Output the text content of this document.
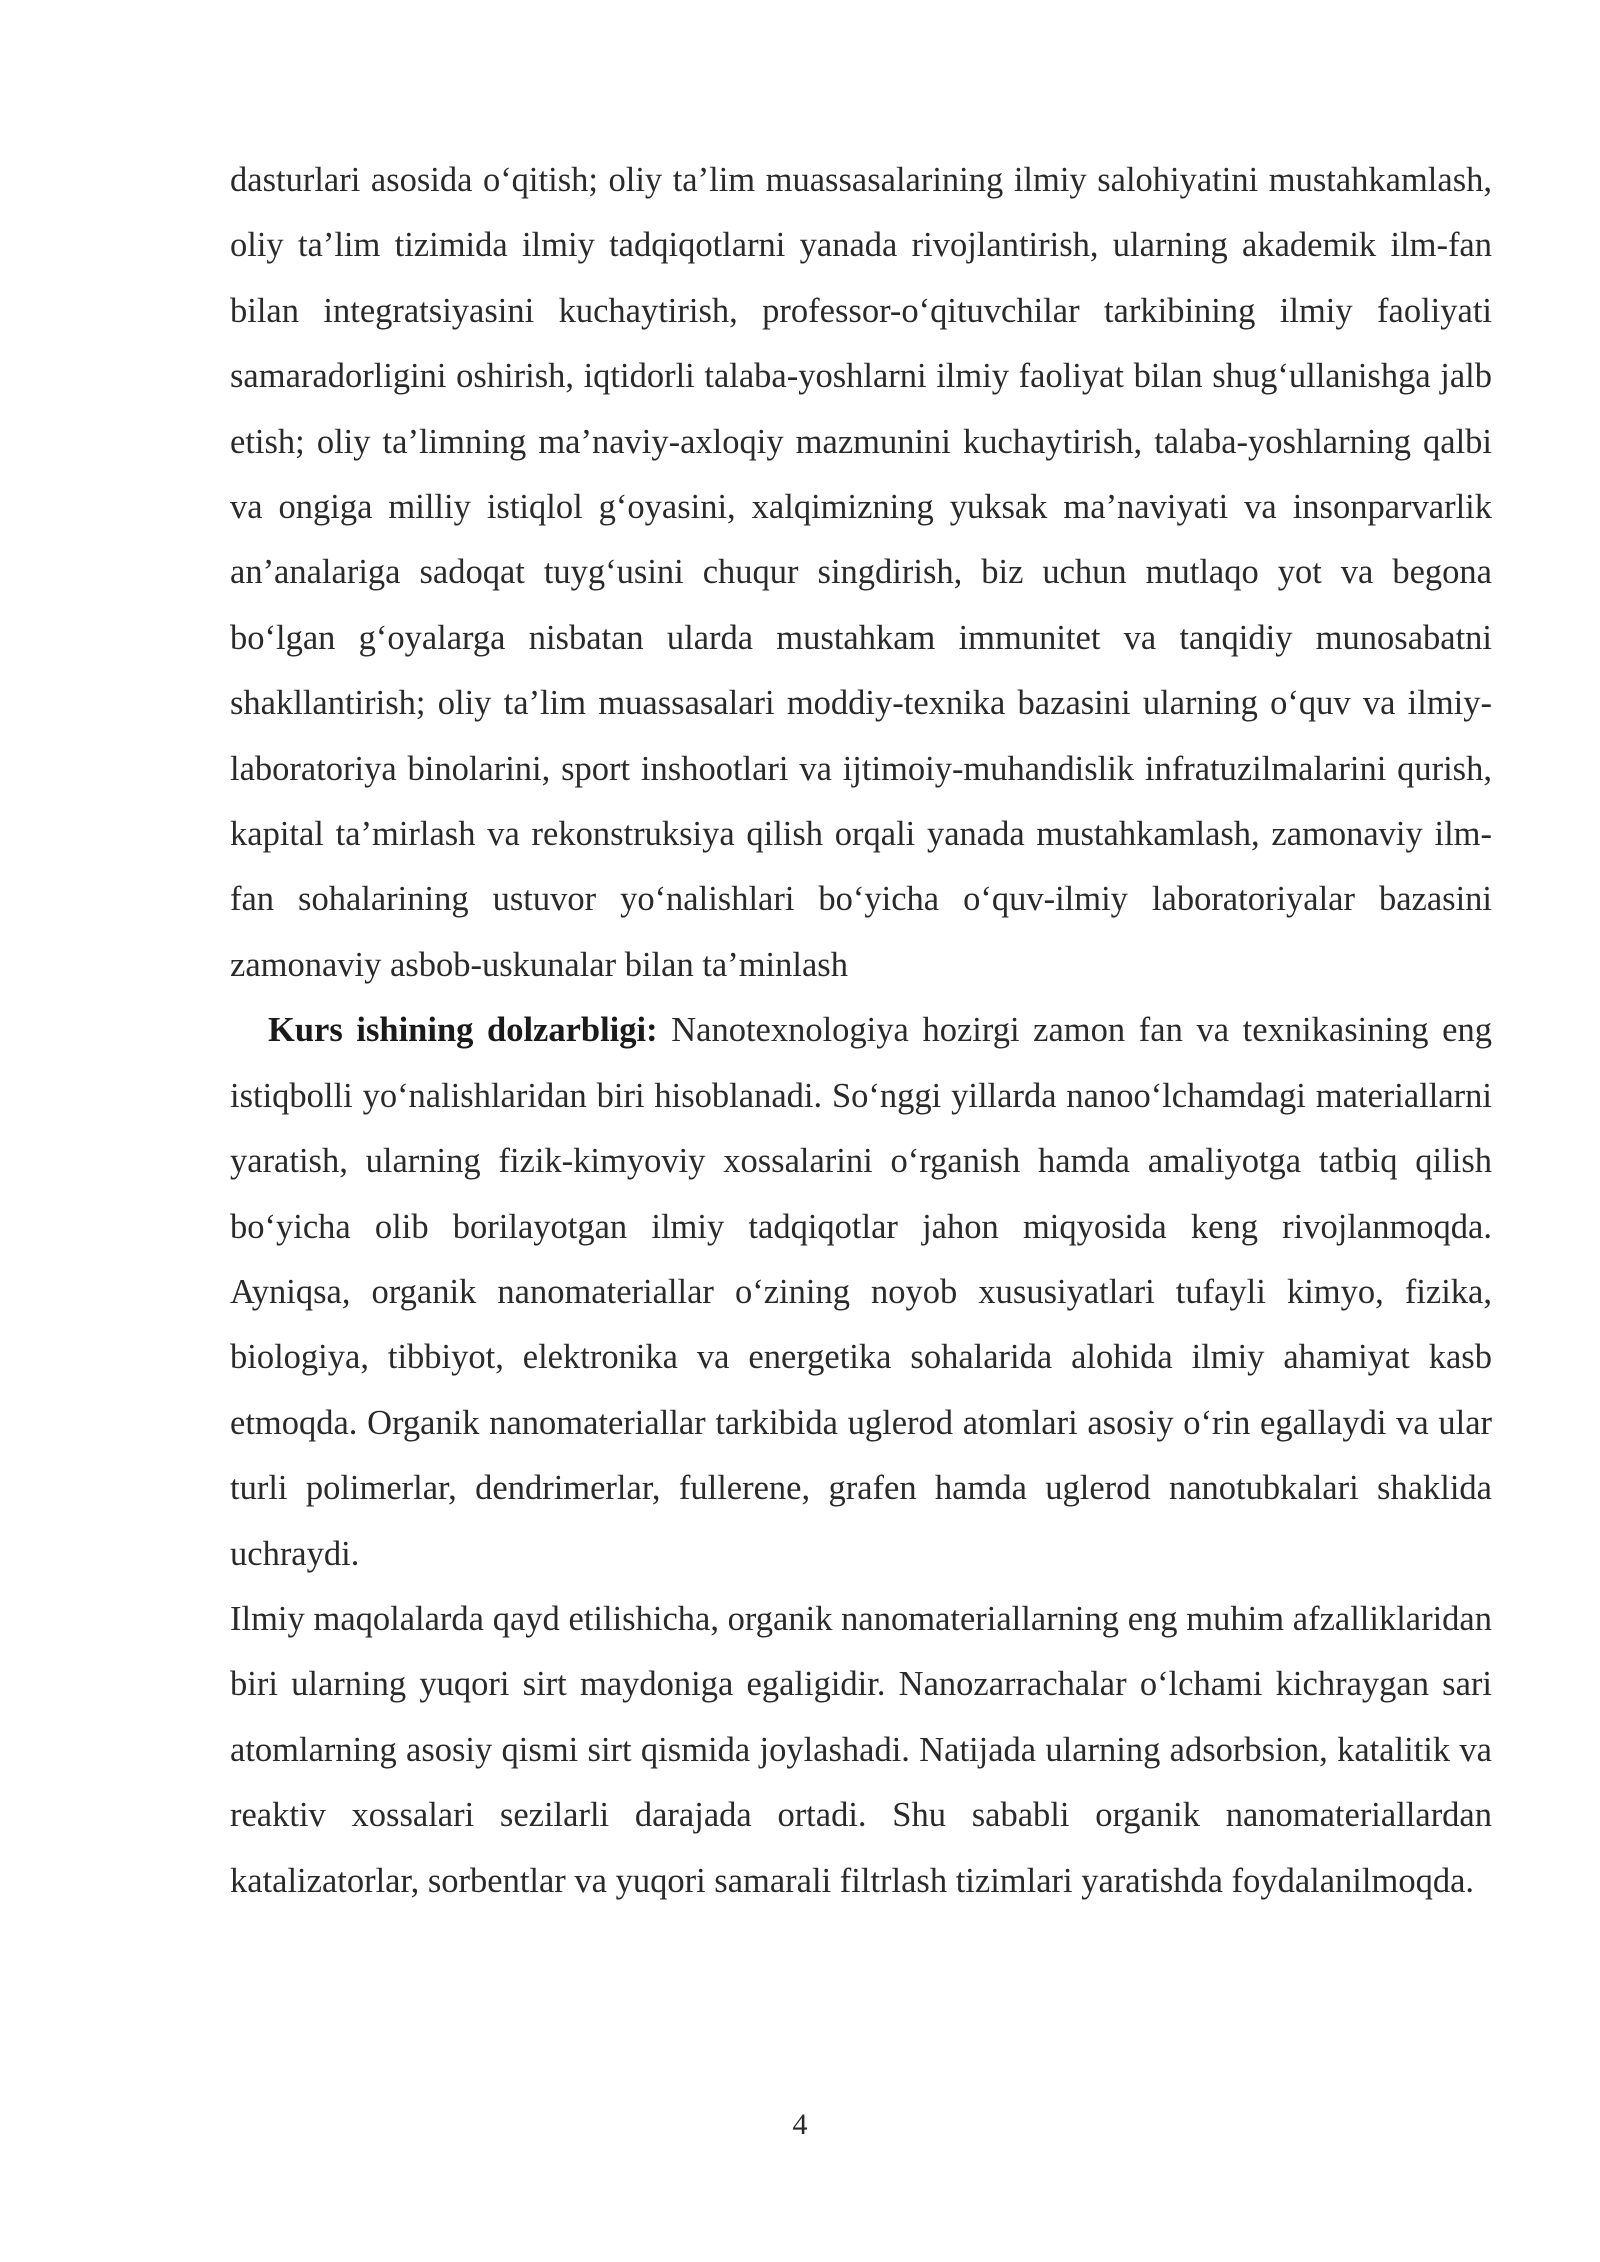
dasturlari asosida o‘qitish; oliy ta’lim muassasalarining ilmiy salohiyatini mustahkamlash, oliy ta’lim tizimida ilmiy tadqiqotlarni yanada rivojlantirish, ularning akademik ilm-fan bilan integratsiyasini kuchaytirish, professor-o‘qituvchilar tarkibining ilmiy faoliyati samaradorligini oshirish, iqtidorli talaba-yoshlarni ilmiy faoliyat bilan shug‘ullanishga jalb etish; oliy ta’limning ma’naviy-axloqiy mazmunini kuchaytirish, talaba-yoshlarning qalbi va ongiga milliy istiqlol g‘oyasini, xalqimizning yuksak ma’naviyati va insonparvarlik an’analariga sadoqat tuyg‘usini chuqur singdirish, biz uchun mutlaqo yot va begona bo‘lgan g‘oyalarga nisbatan ularda mustahkam immunitet va tanqidiy munosabatni shakllantirish; oliy ta’lim muassasalari moddiy-texnika bazasini ularning o‘quv va ilmiy-laboratoriya binolarini, sport inshootlari va ijtimoiy-muhandislik infratuzilmalarini qurish, kapital ta’mirlash va rekonstruksiya qilish orqali yanada mustahkamlash, zamonaviy ilm-fan sohalarining ustuvor yo‘nalishlari bo‘yicha o‘quv-ilmiy laboratoriyalar bazasini zamonaviy asbob-uskunalar bilan ta’minlash

Kurs ishining dolzarbligi: Nanotexnologiya hozirgi zamon fan va texnikasining eng istiqbolli yo‘nalishlaridan biri hisoblanadi. So‘nggi yillarda nanoo‘lchamdagi materiallarni yaratish, ularning fizik-kimyoviy xossalarini o‘rganish hamda amaliyotga tatbiq qilish bo‘yicha olib borilayotgan ilmiy tadqiqotlar jahon miqyosida keng rivojlanmoqda. Ayniqsa, organik nanomateriallar o‘zining noyob xususiyatlari tufayli kimyo, fizika, biologiya, tibbiyot, elektronika va energetika sohalarida alohida ilmiy ahamiyat kasb etmoqda. Organik nanomateriallar tarkibida uglerod atomlari asosiy o‘rin egallaydi va ular turli polimerlar, dendrimerlar, fullerene, grafen hamda uglerod nanotubkalari shaklida uchraydi.

Ilmiy maqolalarda qayd etilishicha, organik nanomateriallarning eng muhim afzalliklaridan biri ularning yuqori sirt maydoniga egaligidir. Nanozarrachalar o‘lchami kichraygan sari atomlarning asosiy qismi sirt qismida joylashadi. Natijada ularning adsorbsion, katalitik va reaktiv xossalari sezilarli darajada ortadi. Shu sababli organik nanomateriallardan katalizatorlar, sorbentlar va yuqori samarali filtrlash tizimlari yaratishda foydalanilmoqda.

4
